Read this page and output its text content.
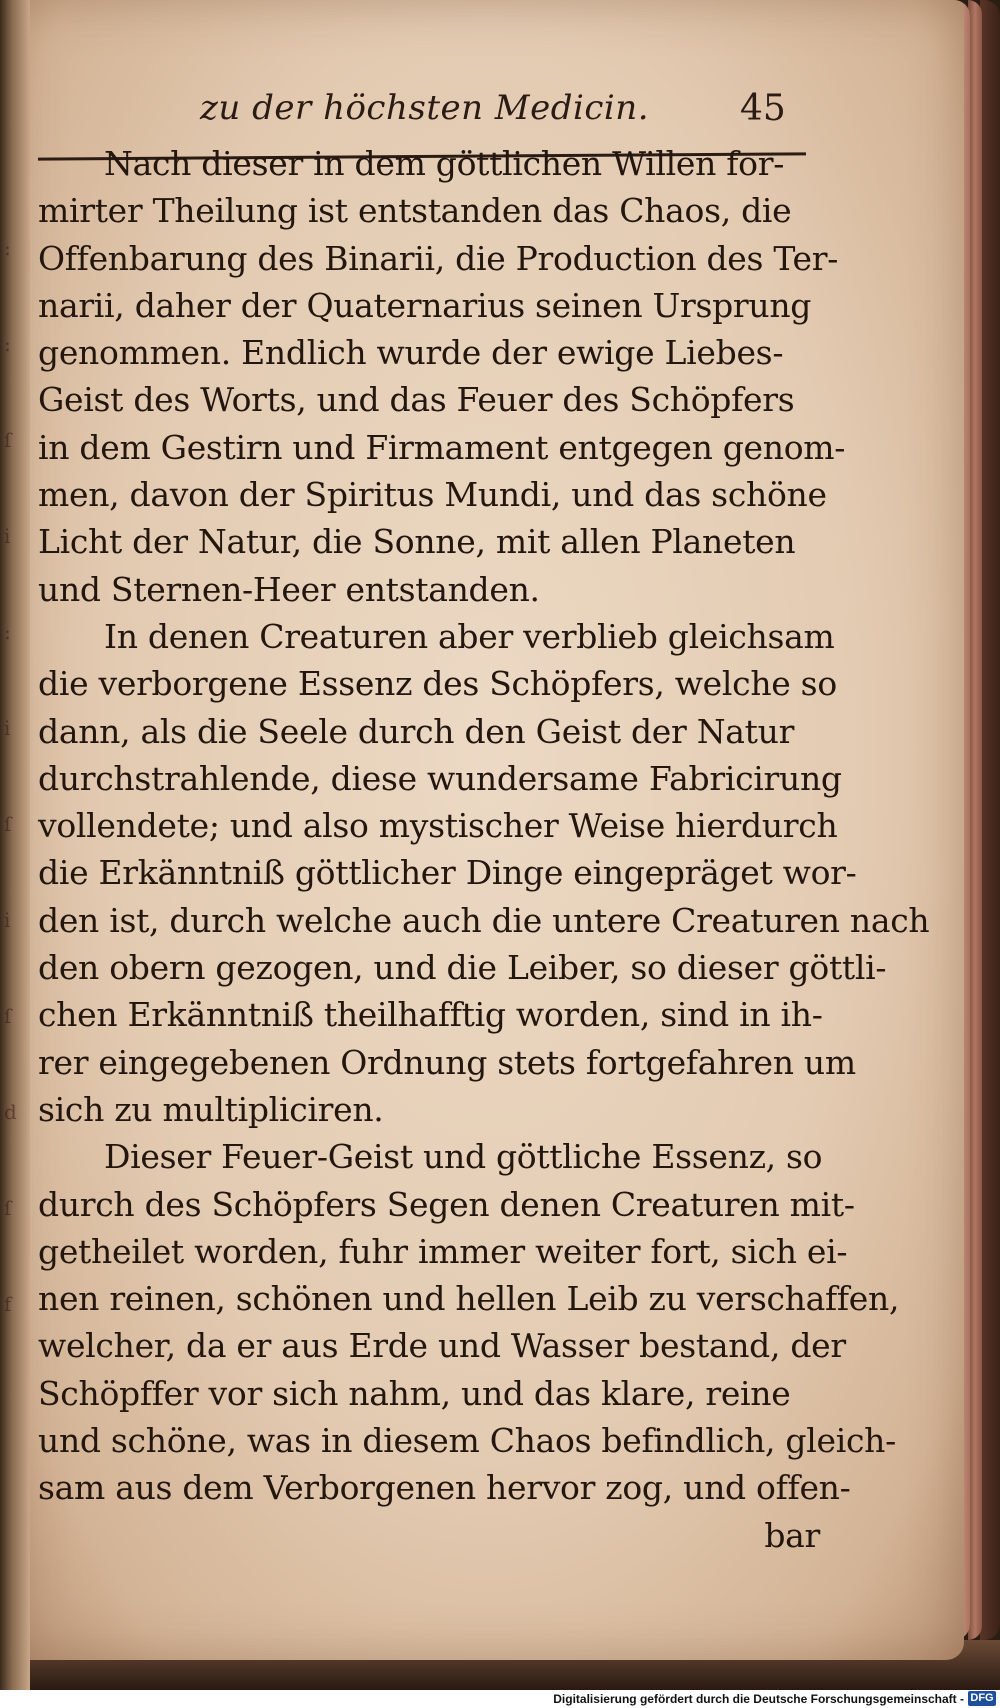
:
:
ſ
i
:
i
ſ
i
ſ
d
ſ
f
zu der höchsten Medicin.	45
Nach dieser in dem göttlichen Willen for-
mirter Theilung ist entstanden das Chaos, die
Offenbarung des Binarii, die Production des Ter-
narii, daher der Quaternarius seinen Ursprung
genommen. Endlich wurde der ewige Liebes-
Geist des Worts, und das Feuer des Schöpfers
in dem Gestirn und Firmament entgegen genom-
men, davon der Spiritus Mundi, und das schöne
Licht der Natur, die Sonne, mit allen Planeten
und Sternen-Heer entstanden.
In denen Creaturen aber verblieb gleichsam
die verborgene Essenz des Schöpfers, welche so
dann, als die Seele durch den Geist der Natur
durchstrahlende, diese wundersame Fabricirung
vollendete; und also mystischer Weise hierdurch
die Erkänntniß göttlicher Dinge eingepräget wor-
den ist, durch welche auch die untere Creaturen nach
den obern gezogen, und die Leiber, so dieser göttli-
chen Erkänntniß theilhafftig worden, sind in ih-
rer eingegebenen Ordnung stets fortgefahren um
sich zu multipliciren.
Dieser Feuer-Geist und göttliche Essenz, so
durch des Schöpfers Segen denen Creaturen mit-
getheilet worden, fuhr immer weiter fort, sich ei-
nen reinen, schönen und hellen Leib zu verschaffen,
welcher, da er aus Erde und Wasser bestand, der
Schöpffer vor sich nahm, und das klare, reine
und schöne, was in diesem Chaos befindlich, gleich-
sam aus dem Verborgenen hervor zog, und offen-
bar
Digitalisierung gefördert durch die Deutsche Forschungsgemeinschaft - DFG
